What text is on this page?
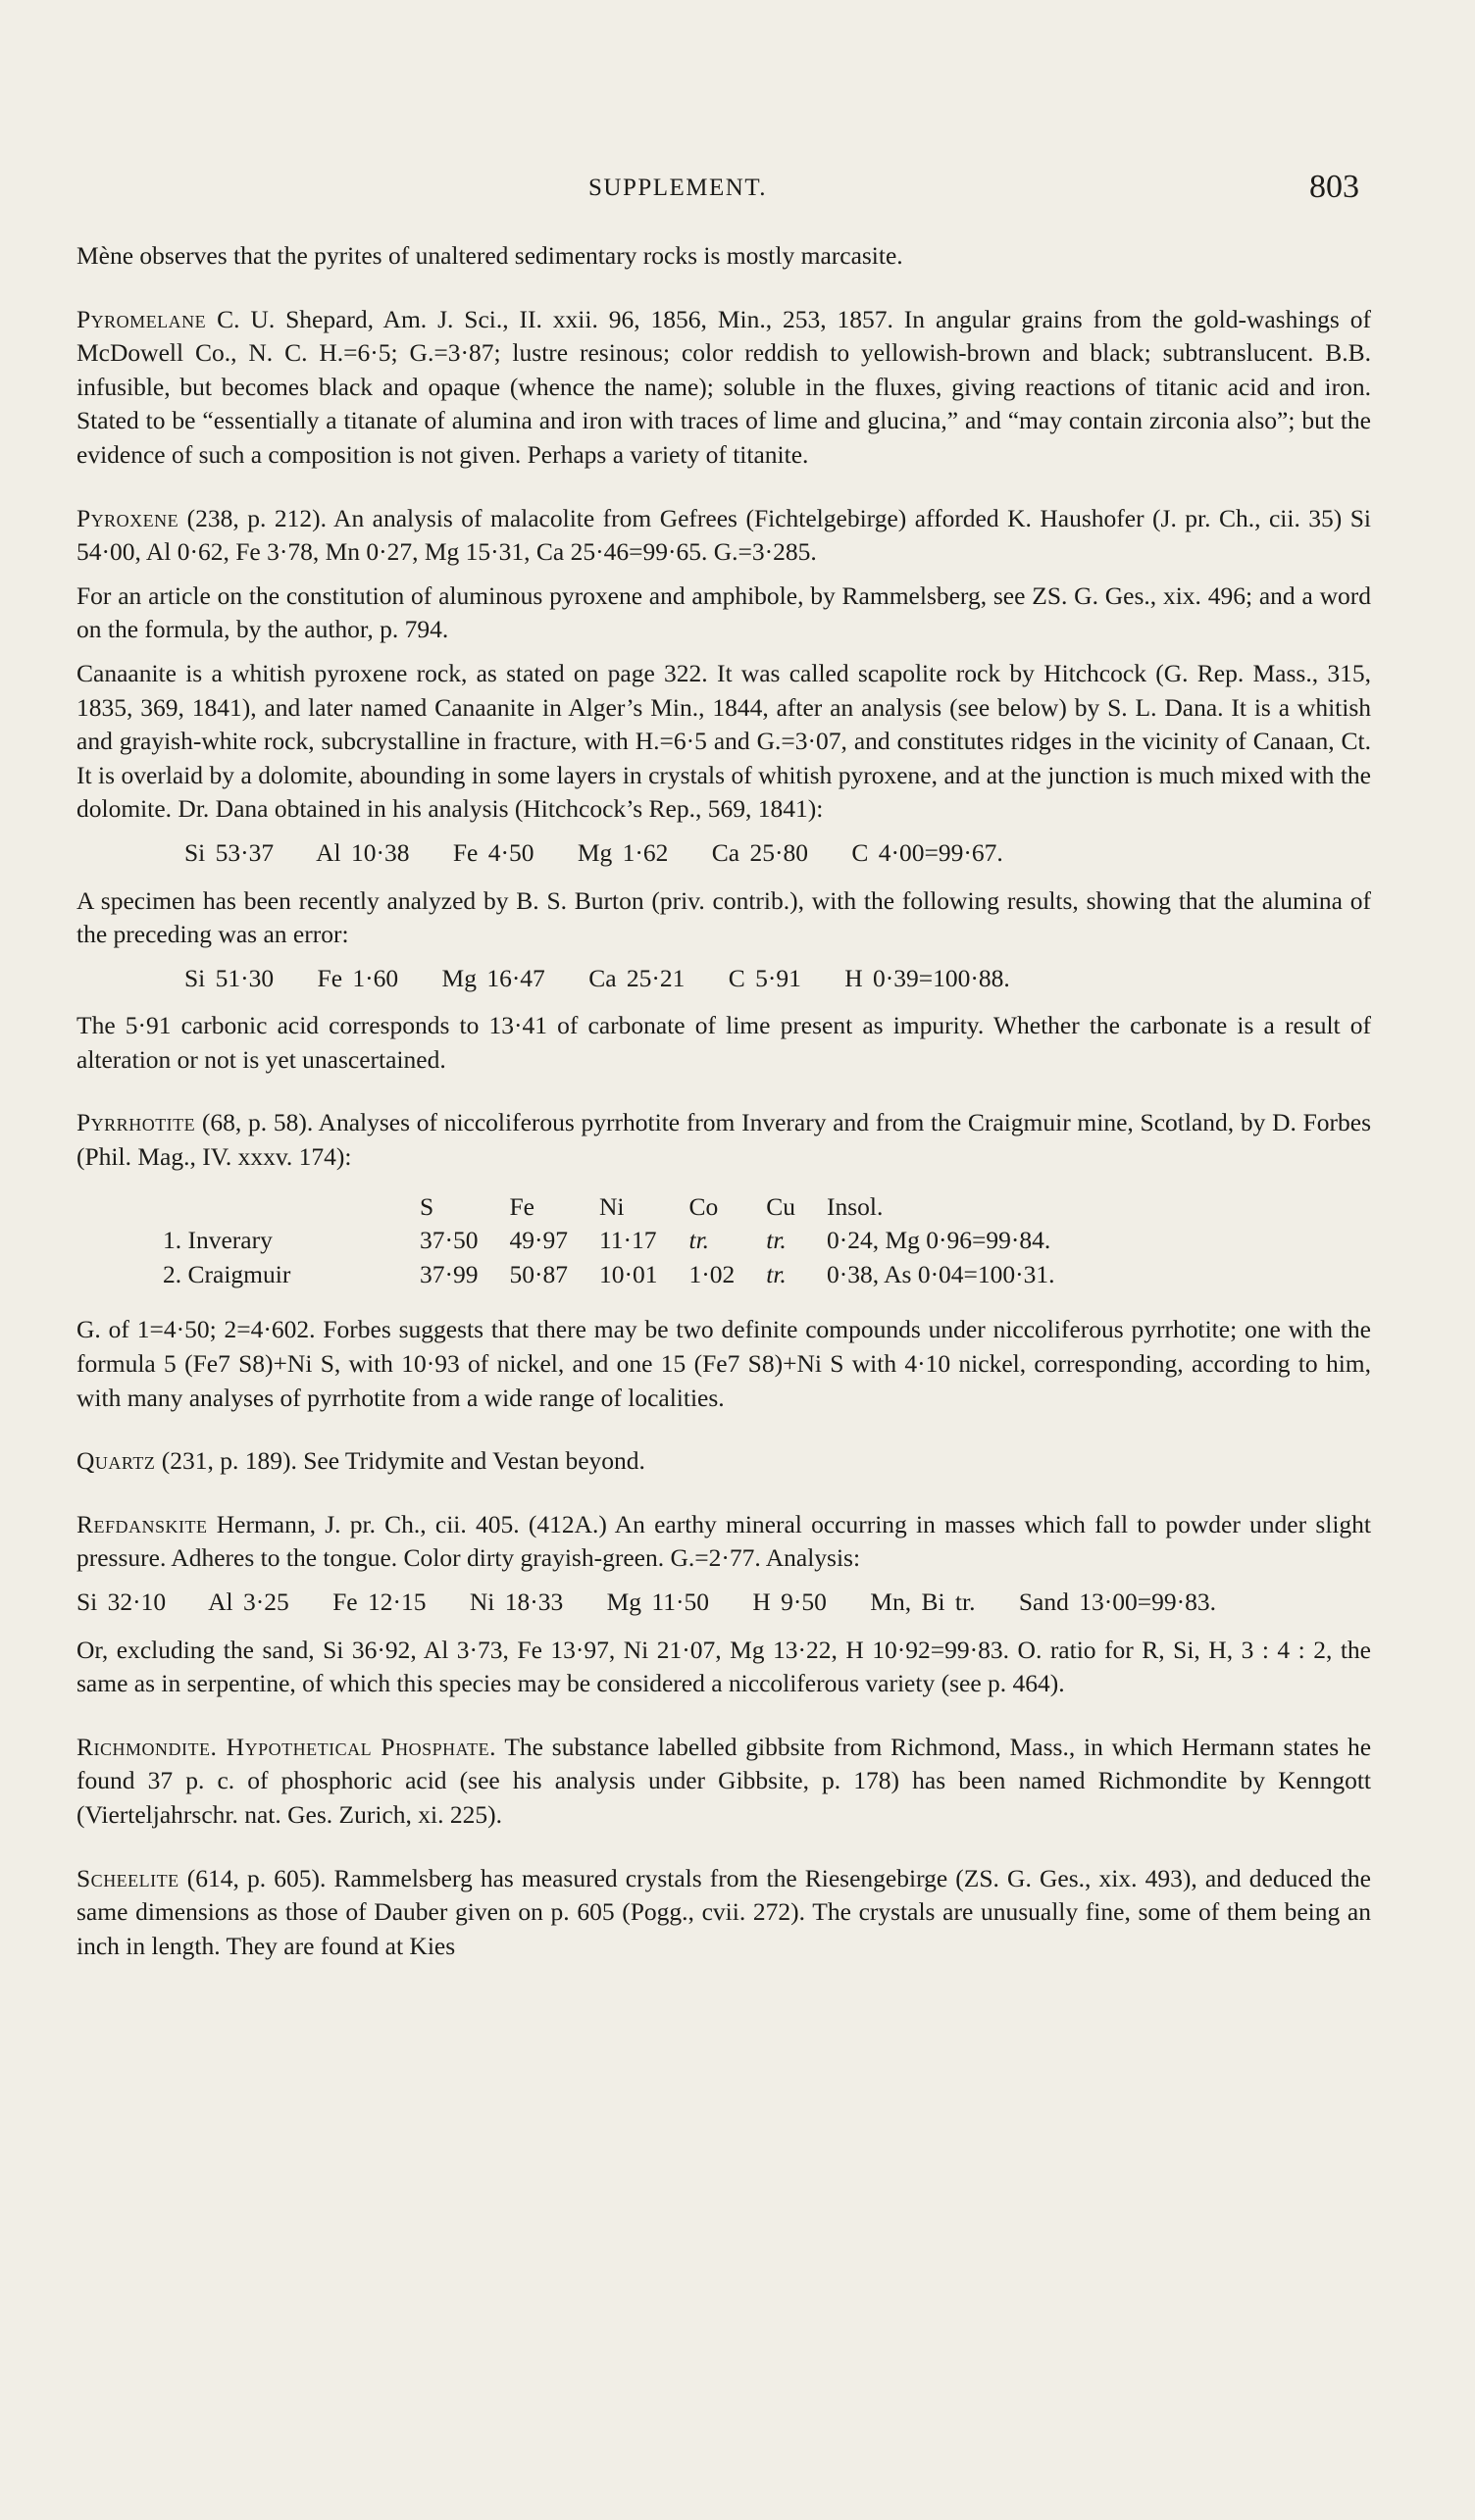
SUPPLEMENT.	803

Mène observes that the pyrites of unaltered sedimentary rocks is mostly marcasite.

Pyromelane C. U. Shepard, Am. J. Sci., II. xxii. 96, 1856, Min., 253, 1857. In angular grains from the gold-washings of McDowell Co., N. C. H.=6·5; G.=3·87; lustre resinous; color reddish to yellowish-brown and black; subtranslucent. B.B. infusible, but becomes black and opaque (whence the name); soluble in the fluxes, giving reactions of titanic acid and iron. Stated to be “essentially a titanate of alumina and iron with traces of lime and glucina,” and “may contain zirconia also”; but the evidence of such a composition is not given. Perhaps a variety of titanite.

Pyroxene (238, p. 212). An analysis of malacolite from Gefrees (Fichtelgebirge) afforded K. Haushofer (J. pr. Ch., cii. 35) Si 54·00, Al 0·62, Fe 3·78, Mn 0·27, Mg 15·31, Ca 25·46=99·65. G.=3·285.

For an article on the constitution of aluminous pyroxene and amphibole, by Rammelsberg, see ZS. G. Ges., xix. 496; and a word on the formula, by the author, p. 794.

Canaanite is a whitish pyroxene rock, as stated on page 322. It was called scapolite rock by Hitchcock (G. Rep. Mass., 315, 1835, 369, 1841), and later named Canaanite in Alger’s Min., 1844, after an analysis (see below) by S. L. Dana. It is a whitish and grayish-white rock, subcrystalline in fracture, with H.=6·5 and G.=3·07, and constitutes ridges in the vicinity of Canaan, Ct. It is overlaid by a dolomite, abounding in some layers in crystals of whitish pyroxene, and at the junction is much mixed with the dolomite. Dr. Dana obtained in his analysis (Hitchcock’s Rep., 569, 1841):

Si 53·37 Al 10·38 Fe 4·50 Mg 1·62 Ca 25·80 C 4·00=99·67.

A specimen has been recently analyzed by B. S. Burton (priv. contrib.), with the following results, showing that the alumina of the preceding was an error:

Si 51·30 Fe 1·60 Mg 16·47 Ca 25·21 C 5·91 H 0·39=100·88.

The 5·91 carbonic acid corresponds to 13·41 of carbonate of lime present as impurity. Whether the carbonate is a result of alteration or not is yet unascertained.

Pyrrhotite (68, p. 58). Analyses of niccoliferous pyrrhotite from Inverary and from the Craigmuir mine, Scotland, by D. Forbes (Phil. Mag., IV. xxxv. 174):

	S	Fe	Ni	Co	Cu	Insol.
1. Inverary	37·50	49·97	11·17	tr.	tr.	0·24, Mg 0·96=99·84.
2. Craigmuir	37·99	50·87	10·01	1·02	tr.	0·38, As 0·04=100·31.

G. of 1=4·50; 2=4·602. Forbes suggests that there may be two definite compounds under niccoliferous pyrrhotite; one with the formula 5 (Fe7 S8)+Ni S, with 10·93 of nickel, and one 15 (Fe7 S8)+Ni S with 4·10 nickel, corresponding, according to him, with many analyses of pyrrhotite from a wide range of localities.

Quartz (231, p. 189). See Tridymite and Vestan beyond.

Refdanskite Hermann, J. pr. Ch., cii. 405. (412A.) An earthy mineral occurring in masses which fall to powder under slight pressure. Adheres to the tongue. Color dirty grayish-green. G.=2·77. Analysis:

Si 32·10 Al 3·25 Fe 12·15 Ni 18·33 Mg 11·50 H 9·50 Mn, Bi tr. Sand 13·00=99·83.

Or, excluding the sand, Si 36·92, Al 3·73, Fe 13·97, Ni 21·07, Mg 13·22, H 10·92=99·83. O. ratio for R, Si, H, 3 : 4 : 2, the same as in serpentine, of which this species may be considered a niccoliferous variety (see p. 464).

Richmondite. Hypothetical Phosphate. The substance labelled gibbsite from Richmond, Mass., in which Hermann states he found 37 p. c. of phosphoric acid (see his analysis under Gibbsite, p. 178) has been named Richmondite by Kenngott (Vierteljahrschr. nat. Ges. Zurich, xi. 225).

Scheelite (614, p. 605). Rammelsberg has measured crystals from the Riesengebirge (ZS. G. Ges., xix. 493), and deduced the same dimensions as those of Dauber given on p. 605 (Pogg., cvii. 272). The crystals are unusually fine, some of them being an inch in length. They are found at Kies
